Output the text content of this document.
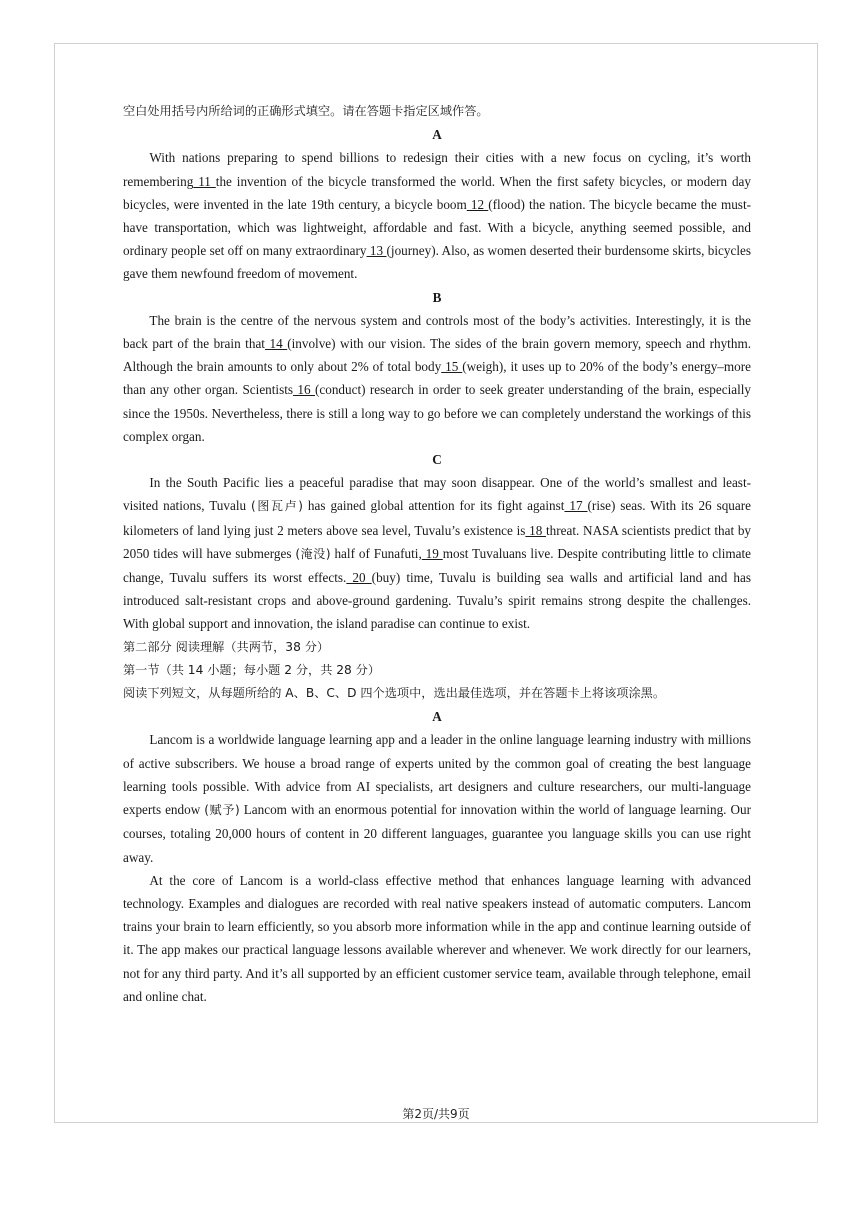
空白处用括号内所给词的正确形式填空。请在答题卡指定区域作答。

A

With nations preparing to spend billions to redesign their cities with a new focus on cycling, it’s worth remembering 11 the invention of the bicycle transformed the world. When the first safety bicycles, or modern day bicycles, were invented in the late 19th century, a bicycle boom 12 (flood) the nation. The bicycle became the must-have transportation, which was lightweight, affordable and fast. With a bicycle, anything seemed possible, and ordinary people set off on many extraordinary 13 (journey). Also, as women deserted their burdensome skirts, bicycles gave them newfound freedom of movement.

B

The brain is the centre of the nervous system and controls most of the body’s activities. Interestingly, it is the back part of the brain that 14 (involve) with our vision. The sides of the brain govern memory, speech and rhythm. Although the brain amounts to only about 2% of total body 15 (weigh), it uses up to 20% of the body’s energy–more than any other organ. Scientists 16 (conduct) research in order to seek greater understanding of the brain, especially since the 1950s. Nevertheless, there is still a long way to go before we can completely understand the workings of this complex organ.

C

In the South Pacific lies a peaceful paradise that may soon disappear. One of the world’s smallest and least-visited nations, Tuvalu (图瓦卢) has gained global attention for its fight against 17 (rise) seas. With its 26 square kilometers of land lying just 2 meters above sea level, Tuvalu’s existence is 18 threat. NASA scientists predict that by 2050 tides will have submerges (淹没) half of Funafuti, 19 most Tuvaluans live. Despite contributing little to climate change, Tuvalu suffers its worst effects. 20 (buy) time, Tuvalu is building sea walls and artificial land and has introduced salt-resistant crops and above-ground gardening. Tuvalu’s spirit remains strong despite the challenges. With global support and innovation, the island paradise can continue to exist.

第二部分 阅读理解（共两节，38 分）

第一节（共 14 小题；每小题 2 分，共 28 分）

阅读下列短文，从每题所给的 A、B、C、D 四个选项中，选出最佳选项，并在答题卡上将该项涂黑。

A

Lancom is a worldwide language learning app and a leader in the online language learning industry with millions of active subscribers. We house a broad range of experts united by the common goal of creating the best language learning tools possible. With advice from AI specialists, art designers and culture researchers, our multi-language experts endow (赋予) Lancom with an enormous potential for innovation within the world of language learning. Our courses, totaling 20,000 hours of content in 20 different languages, guarantee you language skills you can use right away.

At the core of Lancom is a world-class effective method that enhances language learning with advanced technology. Examples and dialogues are recorded with real native speakers instead of automatic computers. Lancom trains your brain to learn efficiently, so you absorb more information while in the app and continue learning outside of it. The app makes our practical language lessons available wherever and whenever. We work directly for our learners, not for any third party. And it’s all supported by an efficient customer service team, available through telephone, email and online chat.

第2页/共9页
